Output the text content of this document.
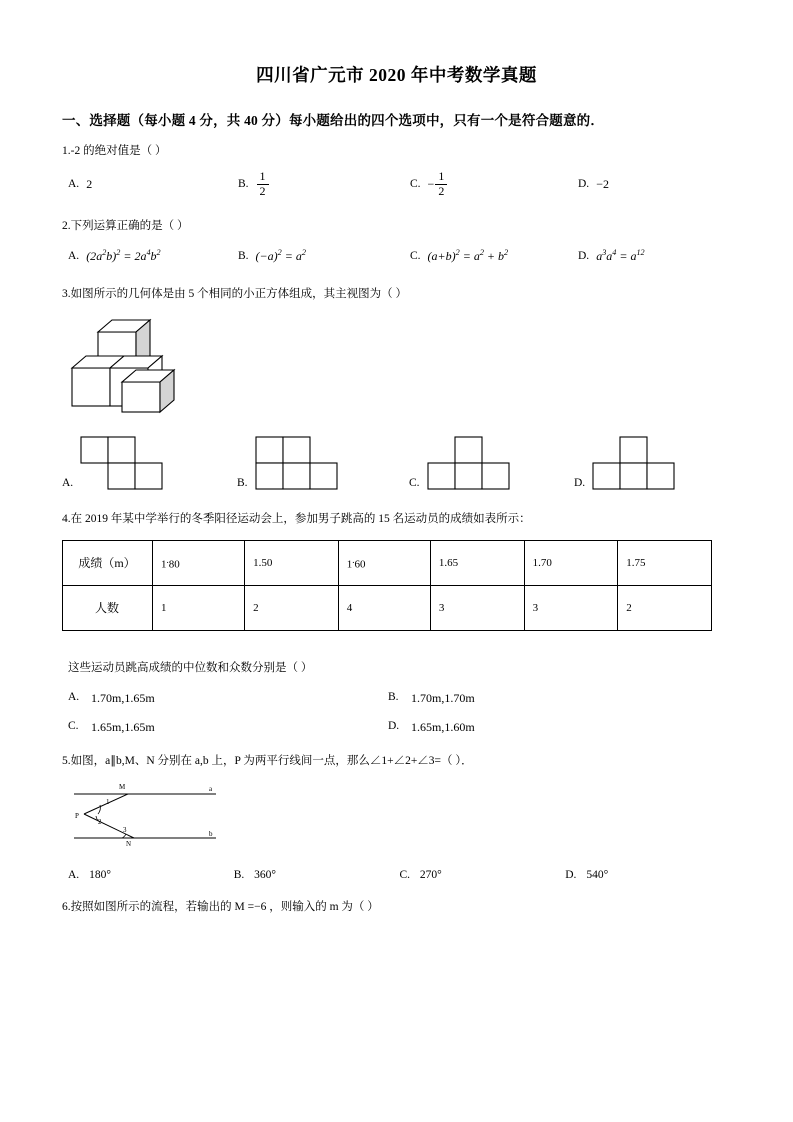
四川省广元市 2020 年中考数学真题
一、选择题（每小题 4 分，共 40 分）每小题给出的四个选项中，只有一个是符合题意的．
1.‐2 的绝对值是（ ）
A. 2	B. $\frac{1}{2}$	C. − $\frac{1}{2}$	D. −2
2.下列运算正确的是（ ）
A. $(2a^2b)^2 = 2a^4b^2$	B. $(-a)^2 = a^2$	C. $(a+b)^2 = a^2 + b^2$	D. $a^3a^4 = a^{12}$
3.如图所示的几何体是由 5 个相同的小正方体组成，其主视图为（ ）
A.	B.	C.	D.
4.在 2019 年某中学举行的冬季阳径运动会上，参加男子跳高的 15 名运动员的成绩如表所示：
成绩（m）	1.80	1.50	1.60	1.65	1.70	1.75
人数	1	2	4	3	3	2
这些运动员跳高成绩的中位数和众数分别是（ ）
A. 1.70m,1.65m	B.	1.70m,1.70m
C.	1.65m,1.65m	D. 1.65m,1.60m
5.如图，a∥b,M、N 分别在 a,b 上，P 为两平行线间一点，那么∠1+∠2+∠3=（ ）．
M
N
P
a
b
1
2
3
A. 180°	B. 360°	C. 270°	D. 540°
6.按照如图所示的流程，若输出的 M =−6 ，则输入的 m 为（ ）
